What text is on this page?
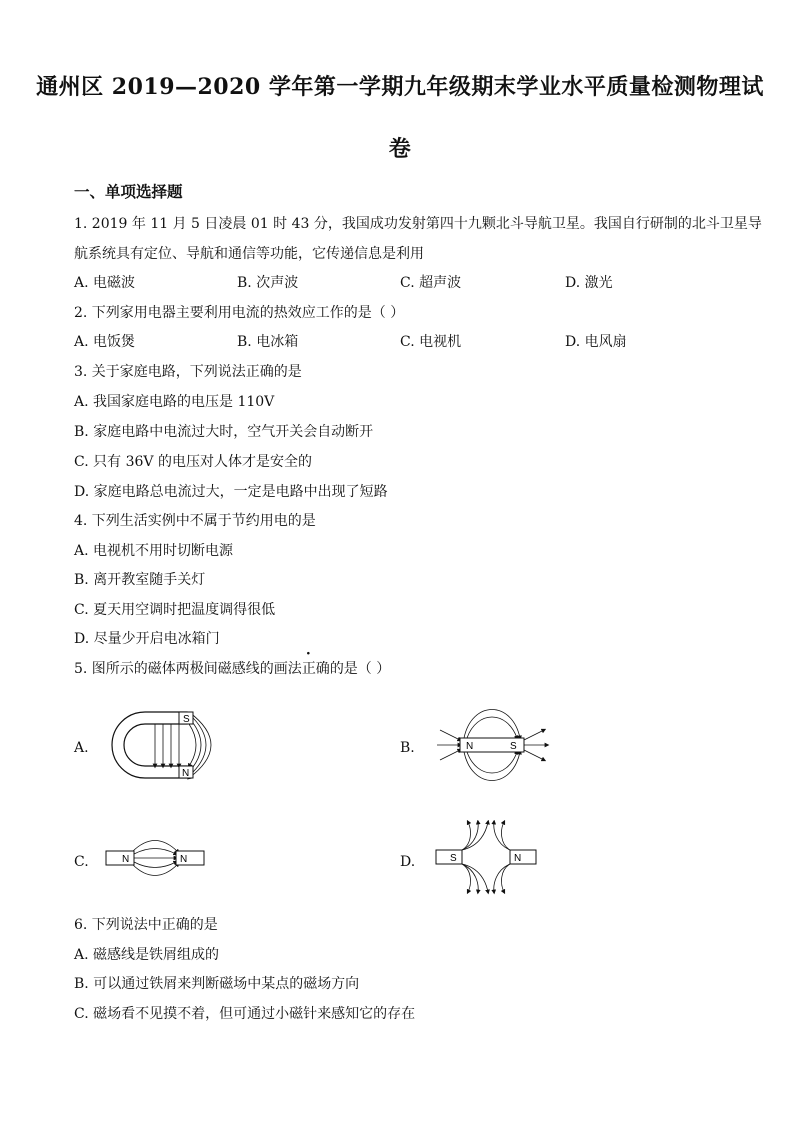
通州区 2019—2020 学年第一学期九年级期末学业水平质量检测物理试
卷
一、单项选择题
1. 2019 年 11 月 5 日凌晨 01 时 43 分，我国成功发射第四十九颗北斗导航卫星。我国自行研制的北斗卫星导
航系统具有定位、导航和通信等功能，它传递信息是利用
A. 电磁波	B. 次声波	C. 超声波	D. 激光
2. 下列家用电器主要利用电流的热效应工作的是（ ）
A. 电饭煲	B. 电冰箱	C. 电视机	D. 电风扇
3. 关于家庭电路，下列说法正确的是
A. 我国家庭电路的电压是 110V
B. 家庭电路中电流过大时，空气开关会自动断开
C. 只有 36V 的电压对人体才是安全的
D. 家庭电路总电流过大，一定是电路中出现了短路
4. 下列生活实例中不属于节约用电的是
A. 电视机不用时切断电源
B. 离开教室随手关灯
C. 夏天用空调时把温度调得很低
D. 尽量少开启电冰箱门
5. 图所示的磁体两极间磁感线的画法正确的是（ ）
A.
S
N
B.	N	S
C.	N	N	D.	S	N
6. 下列说法中正确的是
A. 磁感线是铁屑组成的
B. 可以通过铁屑来判断磁场中某点的磁场方向
C. 磁场看不见摸不着，但可通过小磁针来感知它的存在
